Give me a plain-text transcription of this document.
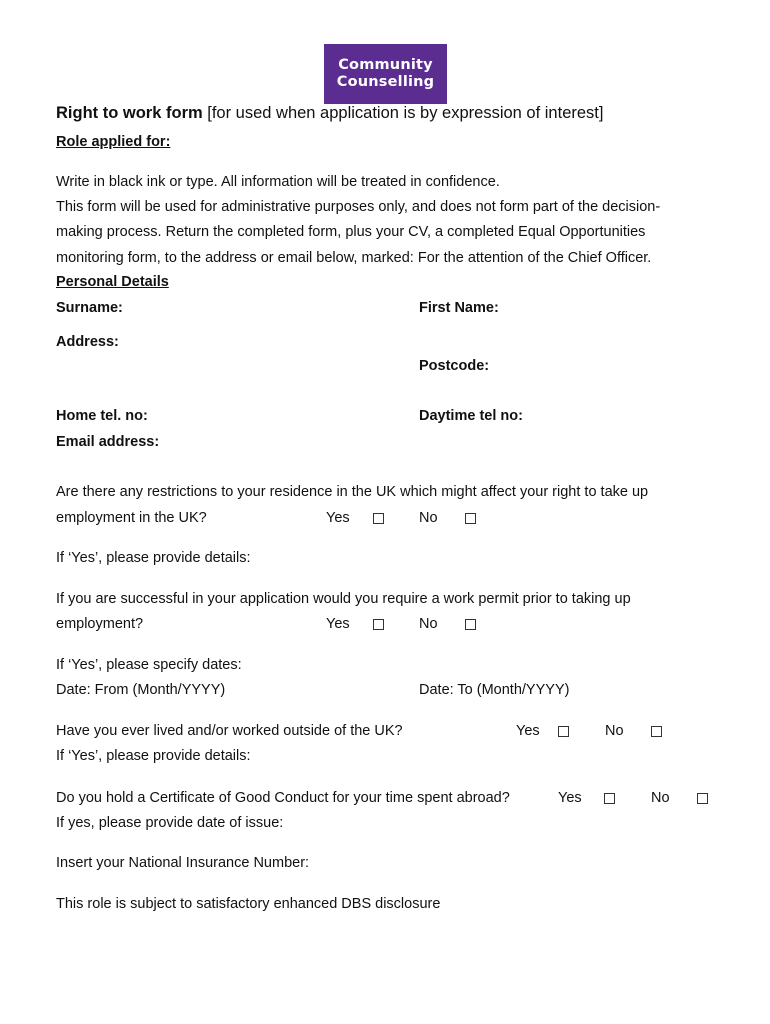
Community
Counselling
Right to work form [for used when application is by expression of interest]
Role applied for:
Write in black ink or type. All information will be treated in confidence.
This form will be used for administrative purposes only, and does not form part of the decision-
making process. Return the completed form, plus your CV, a completed Equal Opportunities
monitoring form, to the address or email below, marked: For the attention of the Chief Officer.
Personal Details
Surname:	First Name:
Address:
Postcode:
Home tel. no:	Daytime tel no:
Email address:
Are there any restrictions to your residence in the UK which might affect your right to take up
employment in the UK?	Yes	No
If ‘Yes’, please provide details:
If you are successful in your application would you require a work permit prior to taking up
employment?	Yes	No
If ‘Yes’, please specify dates:
Date: From (Month/YYYY)	Date: To (Month/YYYY)
Have you ever lived and/or worked outside of the UK?	Yes	No
If ‘Yes’, please provide details:
Do you hold a Certificate of Good Conduct for your time spent abroad?	Yes	No
If yes, please provide date of issue:
Insert your National Insurance Number:
This role is subject to satisfactory enhanced DBS disclosure
